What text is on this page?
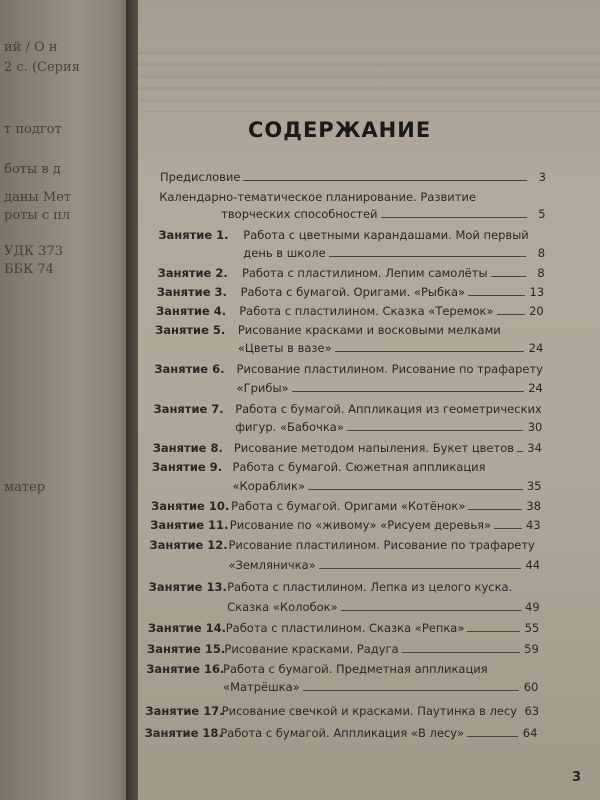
ий / О н
2 с. (Серия
т подгот
боты в д
даны Мет
роты с пл
УДК 373
ББК 74
матер
СОДЕРЖАНИЕ
Предисловие	3
Календарно-тематическое планирование. Развитие
творческих способностей	5
Занятие 1. Работа с цветными карандашами. Мой первый
день в школе	8
Занятие 2. Работа с пластилином. Лепим самолёты	8
Занятие 3. Работа с бумагой. Оригами. «Рыбка»	13
Занятие 4. Работа с пластилином. Сказка «Теремок»	20
Занятие 5. Рисование красками и восковыми мелками
«Цветы в вазе»	24
Занятие 6. Рисование пластилином. Рисование по трафарету
«Грибы»	24
Занятие 7. Работа с бумагой. Аппликация из геометрических
фигур. «Бабочка»	30
Занятие 8. Рисование методом напыления. Букет цветов 34
Занятие 9. Работа с бумагой. Сюжетная аппликация
«Кораблик»	35
Занятие 10. Работа с бумагой. Оригами «Котёнок»	38
Занятие 11. Рисование по «живому» «Рисуем деревья»	43
Занятие 12. Рисование пластилином. Рисование по трафарету
«Земляничка»	44
Занятие 13. Работа с пластилином. Лепка из целого куска.
Сказка «Колобок»	49
Занятие 14. Работа с пластилином. Сказка «Репка»	55
Занятие 15. Рисование красками. Радуга	59
Занятие 16.
Работа с бумагой. Предметная аппликация
«Матрёшка»	60
Занятие 17.
Рисование свечкой и красками. Паутинка в лесу 63
Занятие 18.
Работа с бумагой. Аппликация «В лесу»	64
3
